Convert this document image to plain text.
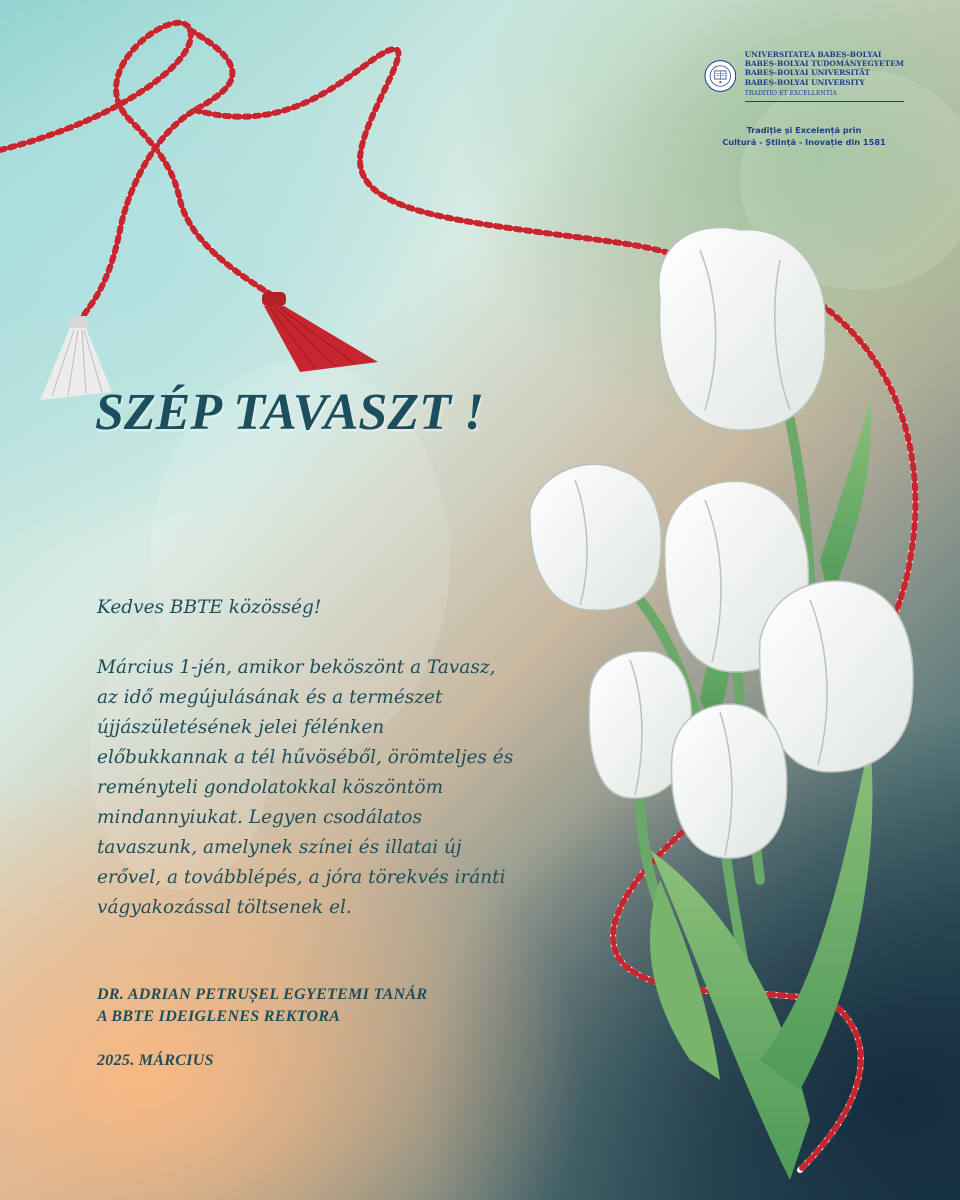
UNIVERSITATEA BABEȘ-BOLYAI
BABEȘ-BOLYAI TUDOMÁNYEGYETEM
BABEȘ-BOLYAI UNIVERSITÄT
BABEȘ-BOLYAI UNIVERSITY
TRADITIO ET EXCELLENTIA
Tradiție și Excelență prin
Cultură - Știință - Inovație din 1581
SZÉP TAVASZT !

Kedves BBTE közösség!

Március 1-jén, amikor beköszönt a Tavasz,
az idő megújulásának és a természet
újjászületésének jelei félénken
előbukkannak a tél hűvöséből, örömteljes és
reményteli gondolatokkal köszöntöm
mindannyiukat. Legyen csodálatos
tavaszunk, amelynek színei és illatai új
erővel, a továbblépés, a jóra törekvés iránti
vágyakozással töltsenek el.

DR. ADRIAN PETRUȘEL EGYETEMI TANÁR
A BBTE IDEIGLENES REKTORA
2025. MÁRCIUS
